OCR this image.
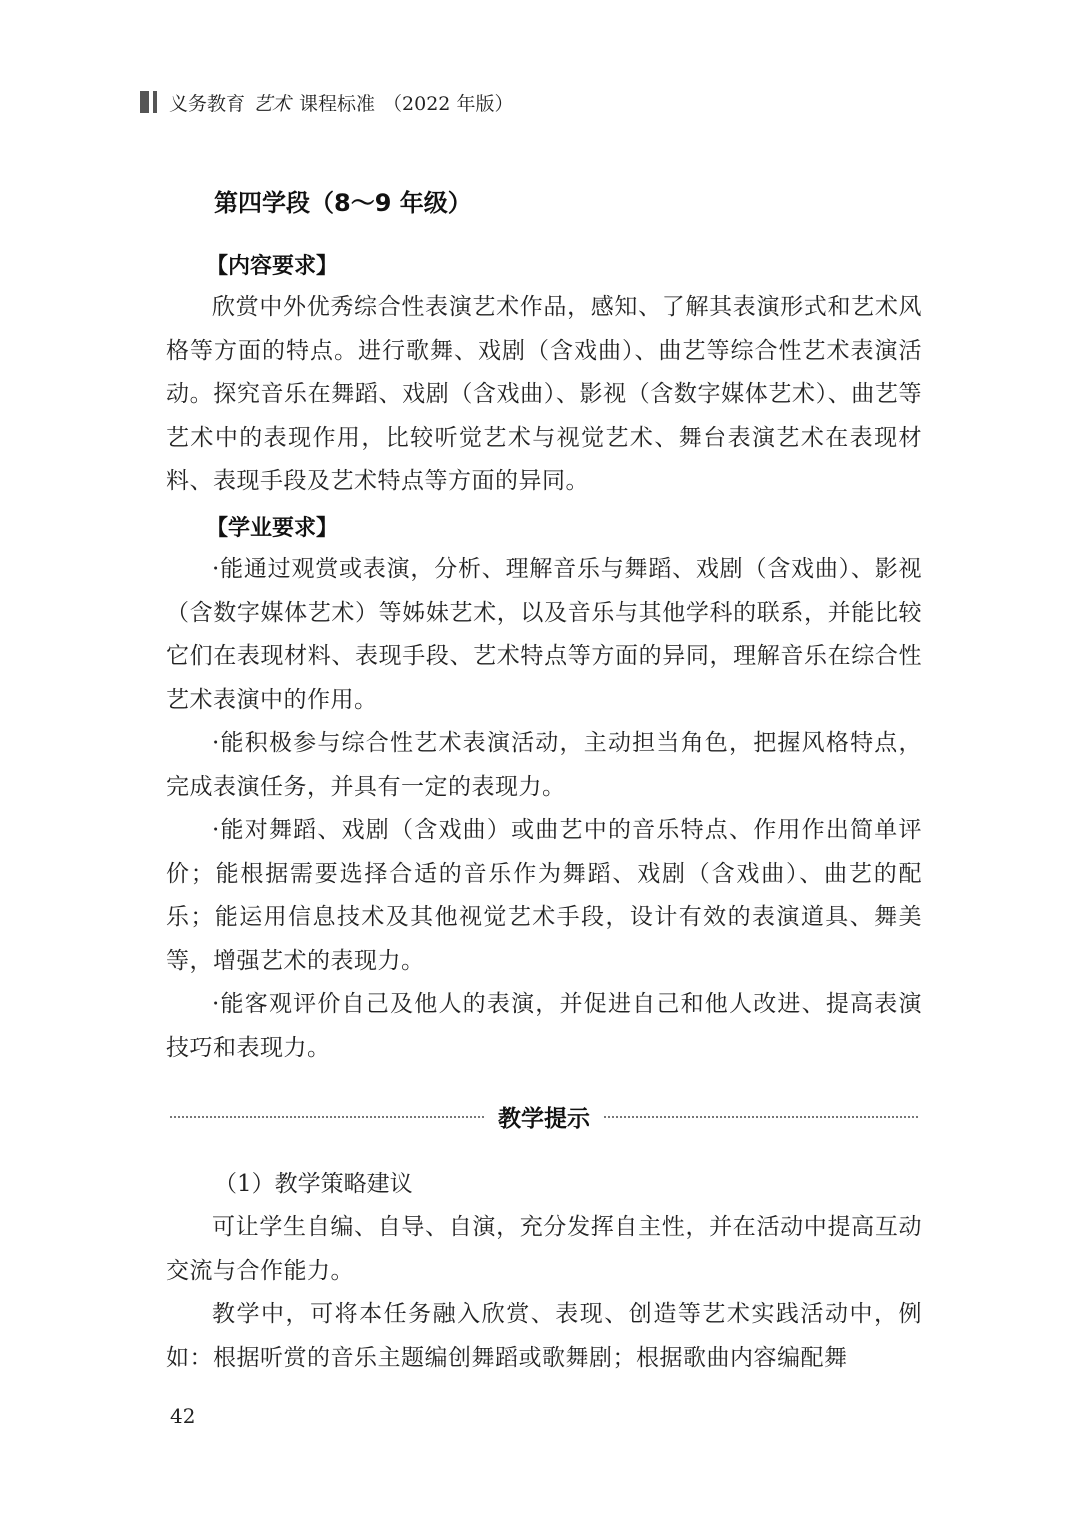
义务教育 艺术 课程标准 （2022 年版）
第四学段（8～9 年级）
【内容要求】

欣赏中外优秀综合性表演艺术作品，感知、了解其表演形式和艺术风格等方面的特点。进行歌舞、戏剧（含戏曲）、曲艺等综合性艺术表演活动。探究音乐在舞蹈、戏剧（含戏曲）、影视（含数字媒体艺术）、曲艺等艺术中的表现作用，比较听觉艺术与视觉艺术、舞台表演艺术在表现材料、表现手段及艺术特点等方面的异同。

【学业要求】

·能通过观赏或表演，分析、理解音乐与舞蹈、戏剧（含戏曲）、影视（含数字媒体艺术）等姊妹艺术，以及音乐与其他学科的联系，并能比较它们在表现材料、表现手段、艺术特点等方面的异同，理解音乐在综合性艺术表演中的作用。

·能积极参与综合性艺术表演活动，主动担当角色，把握风格特点，完成表演任务，并具有一定的表现力。

·能对舞蹈、戏剧（含戏曲）或曲艺中的音乐特点、作用作出简单评价；能根据需要选择合适的音乐作为舞蹈、戏剧（含戏曲）、曲艺的配乐；能运用信息技术及其他视觉艺术手段，设计有效的表演道具、舞美等，增强艺术的表现力。

·能客观评价自己及他人的表演，并促进自己和他人改进、提高表演技巧和表现力。

教学提示
（1）教学策略建议

可让学生自编、自导、自演，充分发挥自主性，并在活动中提高互动交流与合作能力。

教学中，可将本任务融入欣赏、表现、创造等艺术实践活动中，例如：根据听赏的音乐主题编创舞蹈或歌舞剧；根据歌曲内容编配舞

42
